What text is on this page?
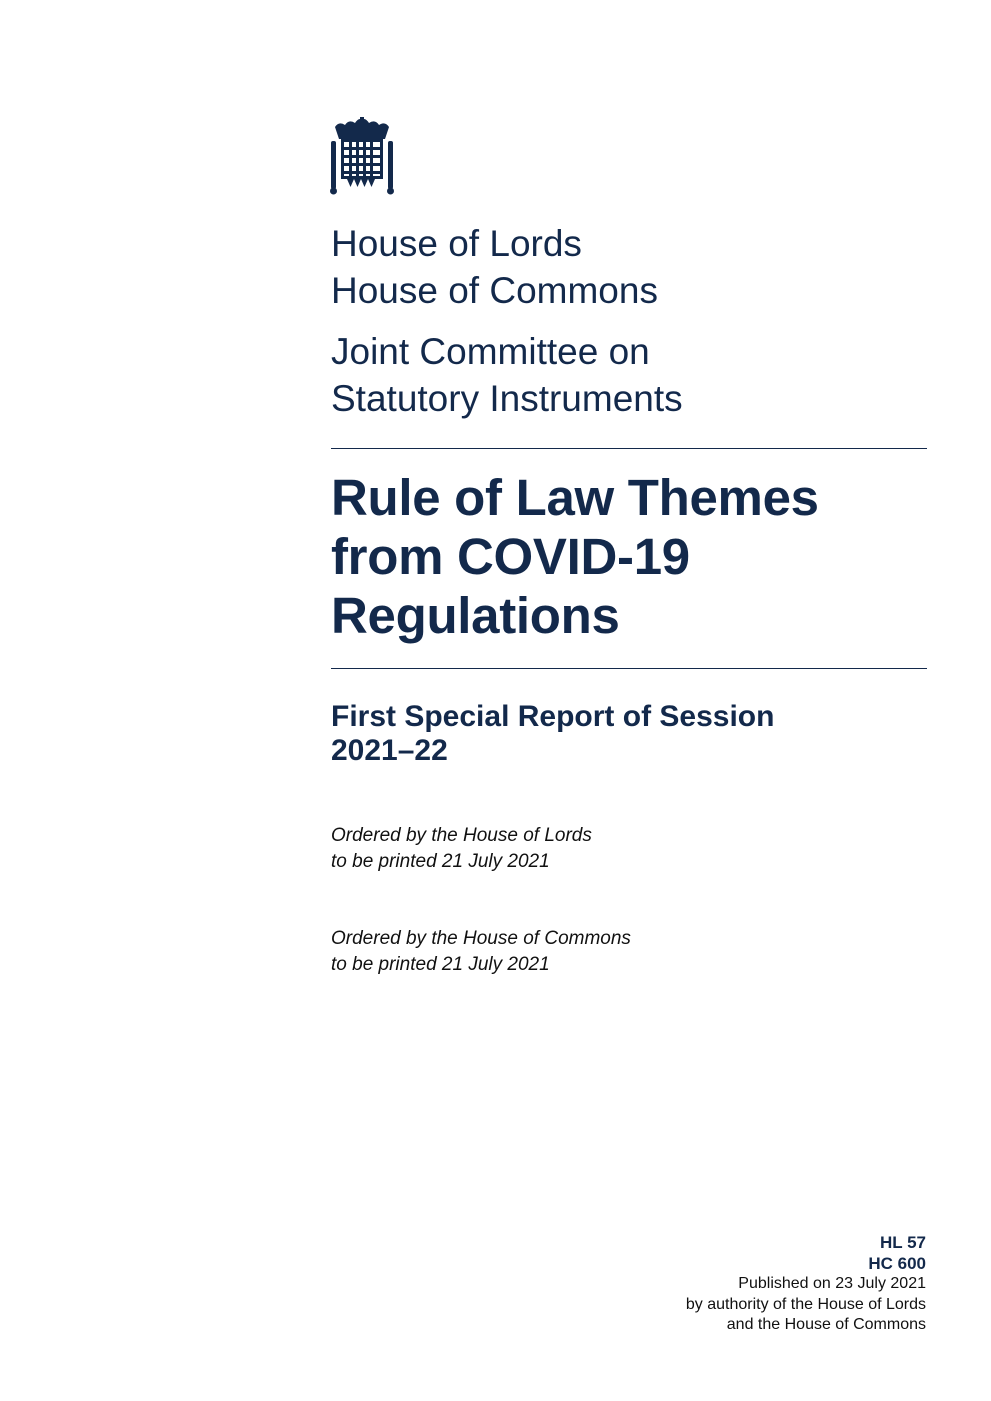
House of Lords
House of Commons
Joint Committee on
Statutory Instruments
Rule of Law Themes
from COVID-19
Regulations
First Special Report of Session
2021–22
Ordered by the House of Lords
to be printed 21 July 2021
Ordered by the House of Commons
to be printed 21 July 2021
HL 57
HC 600
Published on 23 July 2021
by authority of the House of Lords
and the House of Commons
